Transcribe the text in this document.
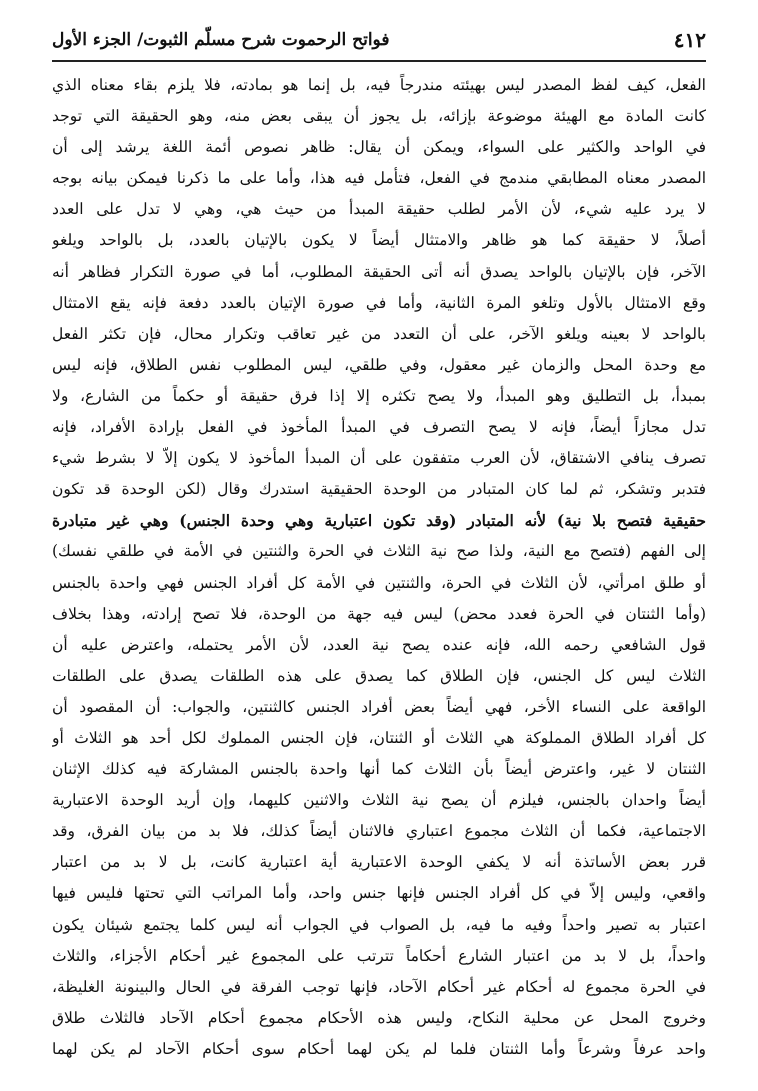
٤١٢
فواتح الرحموت شرح مسلّم الثبوت/ الجزء الأول
الفعل، كيف لفظ المصدر ليس بهيئته مندرجاً فيه، بل إنما هو بمادته، فلا يلزم بقاء معناه الذي
كانت المادة مع الهيئة موضوعة بإزائه، بل يجوز أن يبقى بعض منه، وهو الحقيقة التي توجد
في الواحد والكثير على السواء، ويمكن أن يقال: ظاهر نصوص أئمة اللغة يرشد إلى أن
المصدر معناه المطابقي مندمج في الفعل، فتأمل فيه هذا، وأما على ما ذكرنا فيمكن بيانه بوجه
لا يرد عليه شيء، لأن الأمر لطلب حقيقة المبدأ من حيث هي، وهي لا تدل على العدد
أصلاً، لا حقيقة كما هو ظاهر والامتثال أيضاً لا يكون بالإتيان بالعدد، بل بالواحد ويلغو
الآخر، فإن بالإتيان بالواحد يصدق أنه أتى الحقيقة المطلوب، أما في صورة التكرار فظاهر أنه
وقع الامتثال بالأول وتلغو المرة الثانية، وأما في صورة الإتيان بالعدد دفعة فإنه يقع الامتثال
بالواحد لا بعينه ويلغو الآخر، على أن التعدد من غير تعاقب وتكرار محال، فإن تكثر الفعل
مع وحدة المحل والزمان غير معقول، وفي طلقي، ليس المطلوب نفس الطلاق، فإنه ليس
بمبدأ، بل التطليق وهو المبدأ، ولا يصح تكثره إلا إذا فرق حقيقة أو حكماً من الشارع، ولا
تدل مجازاً أيضاً، فإنه لا يصح التصرف في المبدأ المأخوذ في الفعل بإرادة الأفراد، فإنه
تصرف ينافي الاشتقاق، لأن العرب متفقون على أن المبدأ المأخوذ لا يكون إلاّ لا بشرط شيء
فتدبر وتشكر، ثم لما كان المتبادر من الوحدة الحقيقية استدرك وقال (لكن الوحدة قد تكون
حقيقية فتصح بلا نية) لأنه المتبادر (وقد تكون اعتبارية وهي وحدة الجنس) وهي غير متبادرة
إلى الفهم (فتصح مع النية، ولذا صح نية الثلاث في الحرة والثنتين في الأمة في طلقي نفسك)
أو طلق امرأتي، لأن الثلاث في الحرة، والثنتين في الأمة كل أفراد الجنس فهي واحدة بالجنس
(وأما الثنتان في الحرة فعدد محض) ليس فيه جهة من الوحدة، فلا تصح إرادته، وهذا بخلاف
قول الشافعي رحمه الله، فإنه عنده يصح نية العدد، لأن الأمر يحتمله، واعترض عليه أن
الثلاث ليس كل الجنس، فإن الطلاق كما يصدق على هذه الطلقات يصدق على الطلقات
الواقعة على النساء الأخر، فهي أيضاً بعض أفراد الجنس كالثنتين، والجواب: أن المقصود أن
كل أفراد الطلاق المملوكة هي الثلاث أو الثنتان، فإن الجنس المملوك لكل أحد هو الثلاث أو
الثنتان لا غير، واعترض أيضاً بأن الثلاث كما أنها واحدة بالجنس المشاركة فيه كذلك الإثنان
أيضاً واحدان بالجنس، فيلزم أن يصح نية الثلاث والاثنين كليهما، وإن أريد الوحدة الاعتبارية
الاجتماعية، فكما أن الثلاث مجموع اعتباري فالاثنان أيضاً كذلك، فلا بد من بيان الفرق، وقد
قرر بعض الأساتذة أنه لا يكفي الوحدة الاعتبارية أية اعتبارية كانت، بل لا بد من اعتبار
واقعي، وليس إلاّ في كل أفراد الجنس فإنها جنس واحد، وأما المراتب التي تحتها فليس فيها
اعتبار به تصير واحداً وفيه ما فيه، بل الصواب في الجواب أنه ليس كلما يجتمع شيئان يكون
واحداً، بل لا بد من اعتبار الشارع أحكاماً تترتب على المجموع غير أحكام الأجزاء، والثلاث
في الحرة مجموع له أحكام غير أحكام الآحاد، فإنها توجب الفرقة في الحال والبينونة الغليظة،
وخروج المحل عن محلية النكاح، وليس هذه الأحكام مجموع أحكام الآحاد فالثلاث طلاق
واحد عرفاً وشرعاً وأما الثنتان فلما لم يكن لهما أحكام سوى أحكام الآحاد لم يكن لهما
